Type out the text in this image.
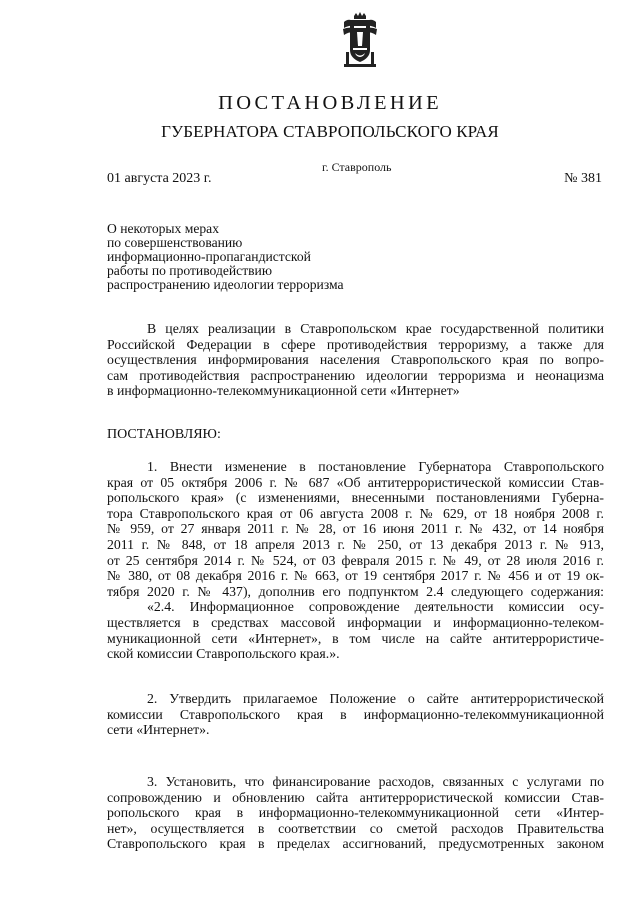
ПОСТАНОВЛЕНИЕ
ГУБЕРНАТОРА СТАВРОПОЛЬСКОГО КРАЯ
г. Ставрополь
01 августа 2023 г.	№ 381
О некоторых мерах
по совершенствованию
информационно-пропагандистской
работы по противодействию
распространению идеологии терроризма
В целях реализации в Ставропольском крае государственной политики
Российской Федерации в сфере противодействия терроризму, а также для
осуществления информирования населения Ставропольского края по вопро-
сам противодействия распространению идеологии терроризма и неонацизма
в информационно-телекоммуникационной сети «Интернет»
ПОСТАНОВЛЯЮ:
1. Внести изменение в постановление Губернатора Ставропольского
края от 05 октября 2006 г. № 687 «Об антитеррористической комиссии Став-
ропольского края» (с изменениями, внесенными постановлениями Губерна-
тора Ставропольского края от 06 августа 2008 г. № 629, от 18 ноября 2008 г.
№ 959, от 27 января 2011 г. № 28, от 16 июня 2011 г. № 432, от 14 ноября
2011 г. № 848, от 18 апреля 2013 г. № 250, от 13 декабря 2013 г. № 913,
от 25 сентября 2014 г. № 524, от 03 февраля 2015 г. № 49, от 28 июля 2016 г.
№ 380, от 08 декабря 2016 г. № 663, от 19 сентября 2017 г. № 456 и от 19 ок-
тября 2020 г. № 437), дополнив его подпунктом 2.4 следующего содержания:
«2.4. Информационное сопровождение деятельности комиссии осу-
ществляется в средствах массовой информации и информационно-телеком-
муникационной сети «Интернет», в том числе на сайте антитеррористиче-
ской комиссии Ставропольского края.».
2. Утвердить прилагаемое Положение о сайте антитеррористической
комиссии Ставропольского края в информационно-телекоммуникационной
сети «Интернет».
3. Установить, что финансирование расходов, связанных с услугами по
сопровождению и обновлению сайта антитеррористической комиссии Став-
ропольского края в информационно-телекоммуникационной сети «Интер-
нет», осуществляется в соответствии со сметой расходов Правительства
Ставропольского края в пределах ассигнований, предусмотренных законом
